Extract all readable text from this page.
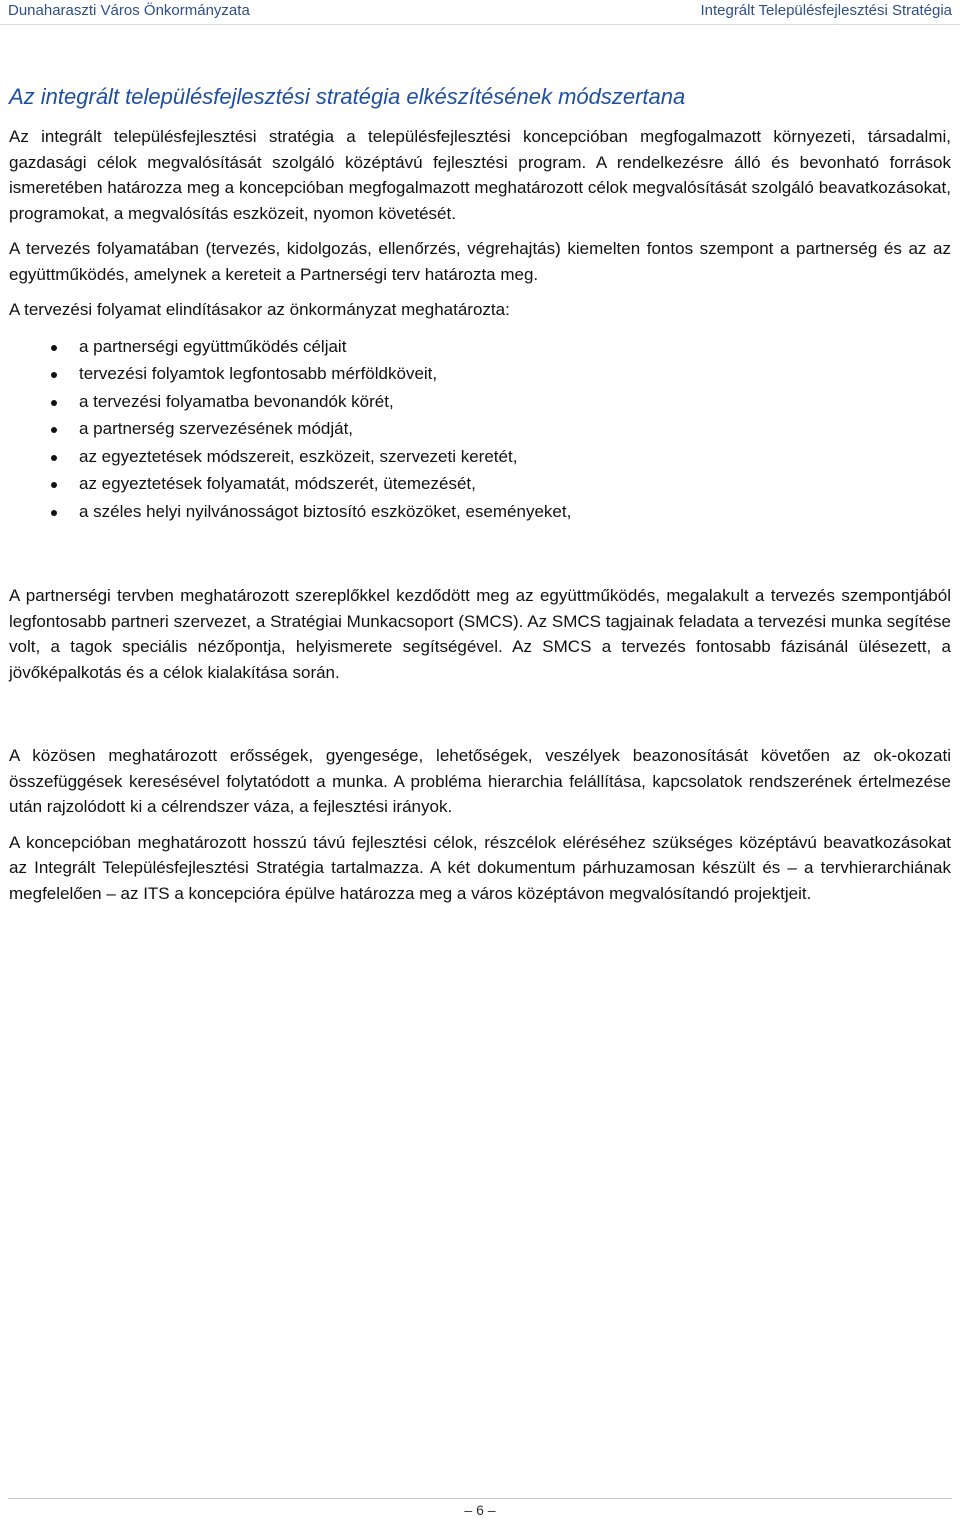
Dunaharaszti Város Önkormányzata	Integrált Településfejlesztési Stratégia
Az integrált településfejlesztési stratégia elkészítésének módszertana

Az integrált településfejlesztési stratégia a településfejlesztési koncepcióban megfogalmazott környezeti, társadalmi, gazdasági célok megvalósítását szolgáló középtávú fejlesztési program. A rendelkezésre álló és bevonható források ismeretében határozza meg a koncepcióban megfogalmazott meghatározott célok megvalósítását szolgáló beavatkozásokat, programokat, a megvalósítás eszközeit, nyomon követését.

A tervezés folyamatában (tervezés, kidolgozás, ellenőrzés, végrehajtás) kiemelten fontos szempont a partnerség és az az együttműködés, amelynek a kereteit a Partnerségi terv határozta meg.

A tervezési folyamat elindításakor az önkormányzat meghatározta:

a partnerségi együttműködés céljait
tervezési folyamtok legfontosabb mérföldköveit,
a tervezési folyamatba bevonandók körét,
a partnerség szervezésének módját,
az egyeztetések módszereit, eszközeit, szervezeti keretét,
az egyeztetések folyamatát, módszerét, ütemezését,
a széles helyi nyilvánosságot biztosító eszközöket, eseményeket,

A partnerségi tervben meghatározott szereplőkkel kezdődött meg az együttműködés, megalakult a tervezés szempontjából legfontosabb partneri szervezet, a Stratégiai Munkacsoport (SMCS). Az SMCS tagjainak feladata a tervezési munka segítése volt, a tagok speciális nézőpontja, helyismerete segítségével. Az SMCS a tervezés fontosabb fázisánál ülésezett, a jövőképalkotás és a célok kialakítása során.

A közösen meghatározott erősségek, gyengesége, lehetőségek, veszélyek beazonosítását követően az ok-okozati összefüggések keresésével folytatódott a munka. A probléma hierarchia felállítása, kapcsolatok rendszerének értelmezése után rajzolódott ki a célrendszer váza, a fejlesztési irányok.

A koncepcióban meghatározott hosszú távú fejlesztési célok, részcélok eléréséhez szükséges középtávú beavatkozásokat az Integrált Településfejlesztési Stratégia tartalmazza. A két dokumentum párhuzamosan készült és – a tervhierarchiának megfelelően – az ITS a koncepcióra épülve határozza meg a város középtávon megvalósítandó projektjeit.

– 6 –
